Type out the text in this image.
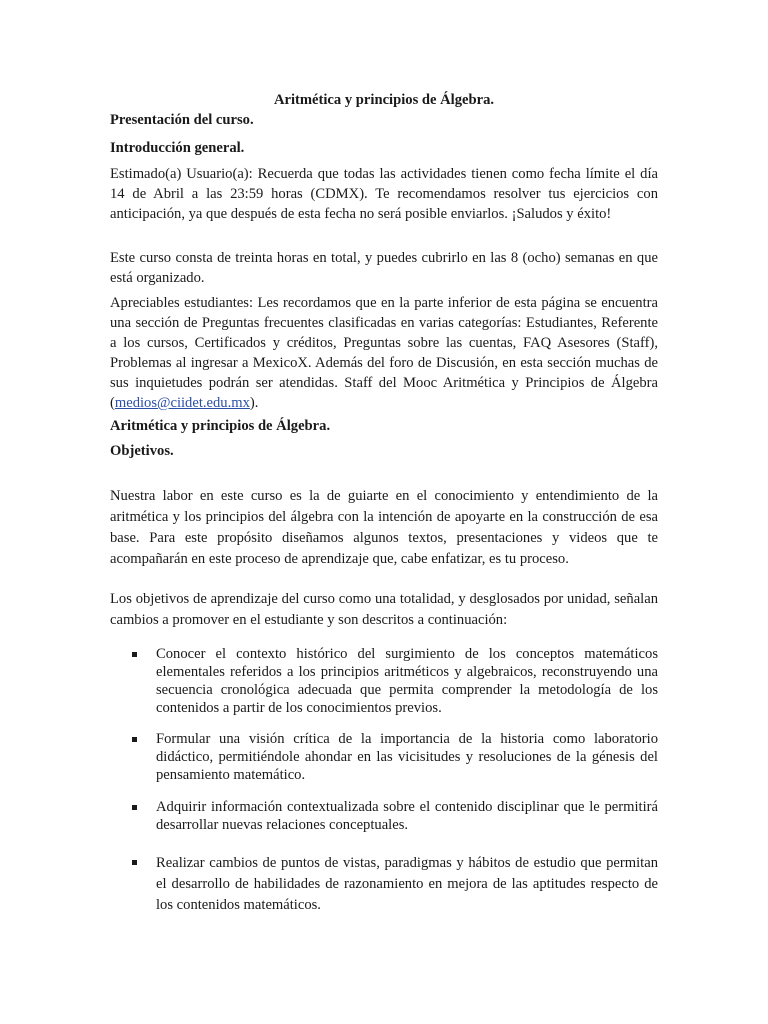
Aritmética y principios de Álgebra.

Presentación del curso.

Introducción general.

Estimado(a) Usuario(a): Recuerda que todas las actividades tienen como fecha límite el día 14 de Abril a las 23:59 horas (CDMX). Te recomendamos resolver tus ejercicios con anticipación, ya que después de esta fecha no será posible enviarlos. ¡Saludos y éxito!

Este curso consta de treinta horas en total, y puedes cubrirlo en las 8 (ocho) semanas en que está organizado.

Apreciables estudiantes: Les recordamos que en la parte inferior de esta página se encuentra una sección de Preguntas frecuentes clasificadas en varias categorías: Estudiantes, Referente a los cursos, Certificados y créditos, Preguntas sobre las cuentas, FAQ Asesores (Staff), Problemas al ingresar a MexicoX. Además del foro de Discusión, en esta sección muchas de sus inquietudes podrán ser atendidas. Staff del Mooc Aritmética y Principios de Álgebra (medios@ciidet.edu.mx).

Aritmética y principios de Álgebra.

Objetivos.

Nuestra labor en este curso es la de guiarte en el conocimiento y entendimiento de la aritmética y los principios del álgebra con la intención de apoyarte en la construcción de esa base. Para este propósito diseñamos algunos textos, presentaciones y videos que te acompañarán en este proceso de aprendizaje que, cabe enfatizar, es tu proceso.

Los objetivos de aprendizaje del curso como una totalidad, y desglosados por unidad, señalan cambios a promover en el estudiante y son descritos a continuación:

Conocer el contexto histórico del surgimiento de los conceptos matemáticos elementales referidos a los principios aritméticos y algebraicos, reconstruyendo una secuencia cronológica adecuada que permita comprender la metodología de los contenidos a partir de los conocimientos previos.
Formular una visión crítica de la importancia de la historia como laboratorio didáctico, permitiéndole ahondar en las vicisitudes y resoluciones de la génesis del pensamiento matemático.
Adquirir información contextualizada sobre el contenido disciplinar que le permitirá desarrollar nuevas relaciones conceptuales.
Realizar cambios de puntos de vistas, paradigmas y hábitos de estudio que permitan el desarrollo de habilidades de razonamiento en mejora de las aptitudes respecto de los contenidos matemáticos.
